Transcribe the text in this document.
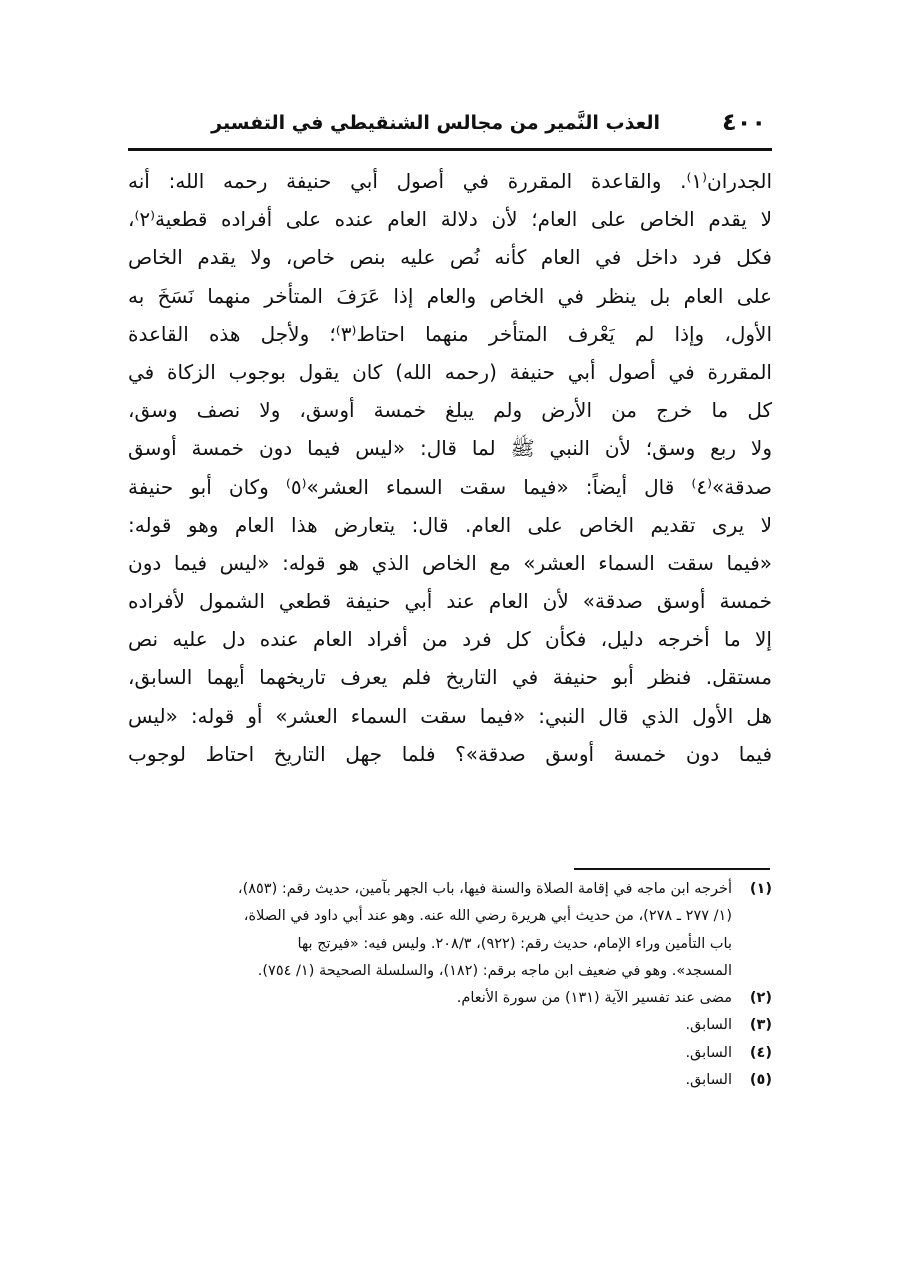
٤٠٠
العذب النَّمير من مجالس الشنقيطي في التفسير
الجدران⁽١⁾. والقاعدة المقررة في أصول أبي حنيفة رحمه الله: أنه
لا يقدم الخاص على العام؛ لأن دلالة العام عنده على أفراده قطعية⁽٢⁾،
فكل فرد داخل في العام كأنه نُص عليه بنص خاص، ولا يقدم الخاص
على العام بل ينظر في الخاص والعام إذا عَرَفَ المتأخر منهما نَسَخَ به
الأول، وإذا لم يَعْرف المتأخر منهما احتاط⁽٣⁾؛ ولأجل هذه القاعدة
المقررة في أصول أبي حنيفة (رحمه الله) كان يقول بوجوب الزكاة في
كل ما خرج من الأرض ولم يبلغ خمسة أوسق، ولا نصف وسق،
ولا ربع وسق؛ لأن النبي ﷺ لما قال: «ليس فيما دون خمسة أوسق
صدقة»⁽٤⁾ قال أيضاً: «فيما سقت السماء العشر»⁽٥⁾ وكان أبو حنيفة
لا يرى تقديم الخاص على العام. قال: يتعارض هذا العام وهو قوله:
«فيما سقت السماء العشر» مع الخاص الذي هو قوله: «ليس فيما دون
خمسة أوسق صدقة» لأن العام عند أبي حنيفة قطعي الشمول لأفراده
إلا ما أخرجه دليل، فكأن كل فرد من أفراد العام عنده دل عليه نص
مستقل. فنظر أبو حنيفة في التاريخ فلم يعرف تاريخهما أيهما السابق،
هل الأول الذي قال النبي: «فيما سقت السماء العشر» أو قوله: «ليس
فيما دون خمسة أوسق صدقة»؟ فلما جهل التاريخ احتاط لوجوب
(١)أخرجه ابن ماجه في إقامة الصلاة والسنة فيها، باب الجهر بآمين، حديث رقم: (٨٥٣)،
(١/ ٢٧٧ ـ ٢٧٨)، من حديث أبي هريرة رضي الله عنه. وهو عند أبي داود في الصلاة،
باب التأمين وراء الإمام، حديث رقم: (٩٢٢)، ٢٠٨/٣. وليس فيه: «فيرتج بها
المسجد». وهو في ضعيف ابن ماجه برقم: (١٨٢)، والسلسلة الصحيحة (١/ ٧٥٤).
(٢)مضى عند تفسير الآية (١٣١) من سورة الأنعام.
(٣)السابق.
(٤)السابق.
(٥)السابق.
